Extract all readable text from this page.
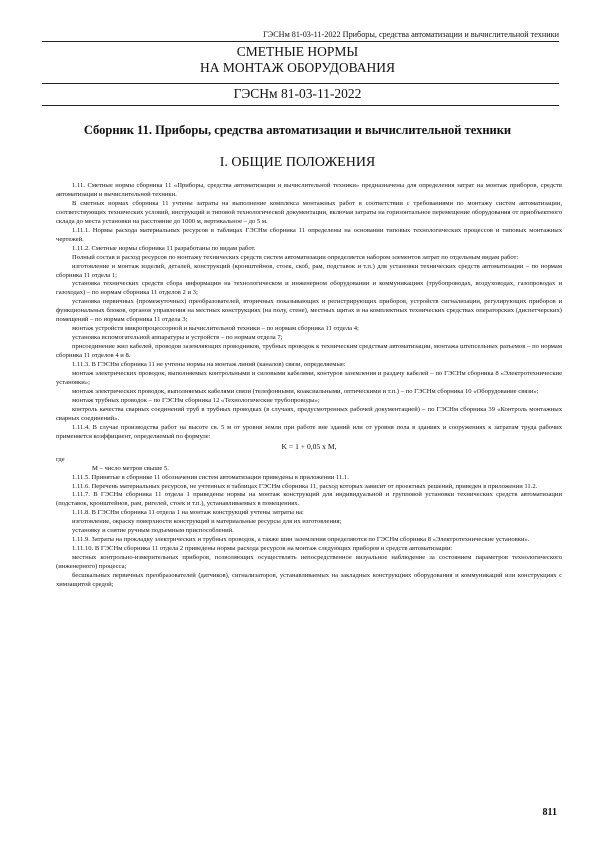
ГЭСНм 81-03-11-2022 Приборы, средства автоматизации и вычислительной техники
СМЕТНЫЕ НОРМЫ
НА МОНТАЖ ОБОРУДОВАНИЯ
ГЭСНм 81-03-11-2022
Сборник 11. Приборы, средства автоматизации и вычислительной техники
I. ОБЩИЕ ПОЛОЖЕНИЯ

1.11. Сметные нормы сборника 11 «Приборы, средства автоматизации и вычислительной техники» предназначены для определения затрат на монтаж приборов, средств автоматизации и вычислительной техники.

В сметных нормах сборника 11 учтены затраты на выполнение комплекса монтажных работ в соответствии с требованиями по монтажу систем автоматизации, соответствующих технических условий, инструкций и типовой технологической документации, включая затраты на горизонтальное перемещение оборудования от приобъектного склада до места установки на расстояние до 1000 м, вертикальное – до 5 м.

1.11.1. Нормы расхода материальных ресурсов в таблицах ГЭСНм сборника 11 определены на основании типовых технологических процессов и типовых монтажных чертежей.

1.11.2. Сметные нормы сборника 11 разработаны по видам работ.

Полный состав и расход ресурсов по монтажу технических средств систем автоматизации определяется набором элементов затрат по отдельным видам работ:

изготовление и монтаж изделий, деталей, конструкций (кронштейнов, стоек, скоб, рам, подставок и т.п.) для установки технических средств автоматизации – по нормам сборника 11 отдела 1;

установка технических средств сбора информации на технологическом и инженерном оборудовании и коммуникациях (трубопроводах, воздуховодах, газопроводах и газоходах) – по нормам сборника 11 отделов 2 и 3;

установка первичных (промежуточных) преобразователей, вторичных показывающих и регистрирующих приборов, устройств сигнализации, регулирующих приборов и функциональных блоков, органов управления на местных конструкциях (на полу, стене), местных щитах и на комплектных технических средствах операторских (диспетчерских) помещений – по нормам сборника 11 отдела 3;

монтаж устройств микропроцессорной и вычислительной техники – по нормам сборника 11 отдела 4;

установка вспомогательной аппаратуры и устройств – по нормам отдела 7;

присоединение жил кабелей, проводов заземляющих проводников, трубных проводок к техническим средствам автоматизации, монтажа штепсельных разъемов – по нормам сборника 11 отделов 4 и 8.

1.11.3. В ГЭСНм сборника 11 не учтены нормы на монтаж линий (каналов) связи, определяемые:

монтаж электрических проводок, выполняемых контрольными и силовыми кабелями, контуров заземления и раздачу кабелей – по ГЭСНм сборника 8 «Электротехнические установки»;

монтаж электрических проводок, выполняемых кабелями связи (телефонными, коаксиальными, оптическими и т.п.) – по ГЭСНм сборника 10 «Оборудование связи»;

монтаж трубных проводок – по ГЭСНм сборника 12 «Технологические трубопроводы»;

контроль качества сварных соединений труб в трубных проводках (в случаях, предусмотренных рабочей документацией) – по ГЭСНм сборника 39 «Контроль монтажных сварных соединений».

1.11.4. В случае производства работ на высоте св. 5 м от уровня земли при работе вне зданий или от уровня пола в зданиях и сооружениях к затратам труда рабочих применяется коэффициент, определяемый по формуле:

K = 1 + 0,05 x M,

где

M – число метров свыше 5.

1.11.5. Принятые в сборнике 11 обозначения систем автоматизации приведены в приложении 11.1.

1.11.6. Перечень материальных ресурсов, не учтенных в таблицах ГЭСНм сборника 11, расход которых зависит от проектных решений, приведен в приложении 11.2.

1.11.7. В ГЭСНм сборника 11 отдела 1 приведены нормы на монтаж конструкций для индивидуальной и групповой установки технических средств автоматизации (подставок, кронштейнов, рам, ригелей, стоек и т.п.), устанавливаемых в помещениях.

1.11.8. В ГЭСНм сборника 11 отдела 1 на монтаж конструкций учтены затраты на:

изготовление, окраску поверхности конструкций и материальные ресурсы для их изготовления;

установку и снятие ручным подъемным приспособлений.

1.11.9. Затраты на прокладку электрических и трубных проводок, а также шин заземления определяются по ГЭСНм сборника 8 «Электротехнические установки».

1.11.10. В ГЭСНм сборника 11 отдела 2 приведены нормы расхода ресурсов на монтаж следующих приборов и средств автоматизации:

местных контрольно-измерительных приборов, позволяющих осуществлять непосредственное визуальное наблюдение за состоянием параметров технологического (инженерного) процесса;

бесшкальных первичных преобразователей (датчиков), сигнализаторов, устанавливаемых на закладных конструкциях оборудования и коммуникаций или конструкциях с химзащитой средой;

811
